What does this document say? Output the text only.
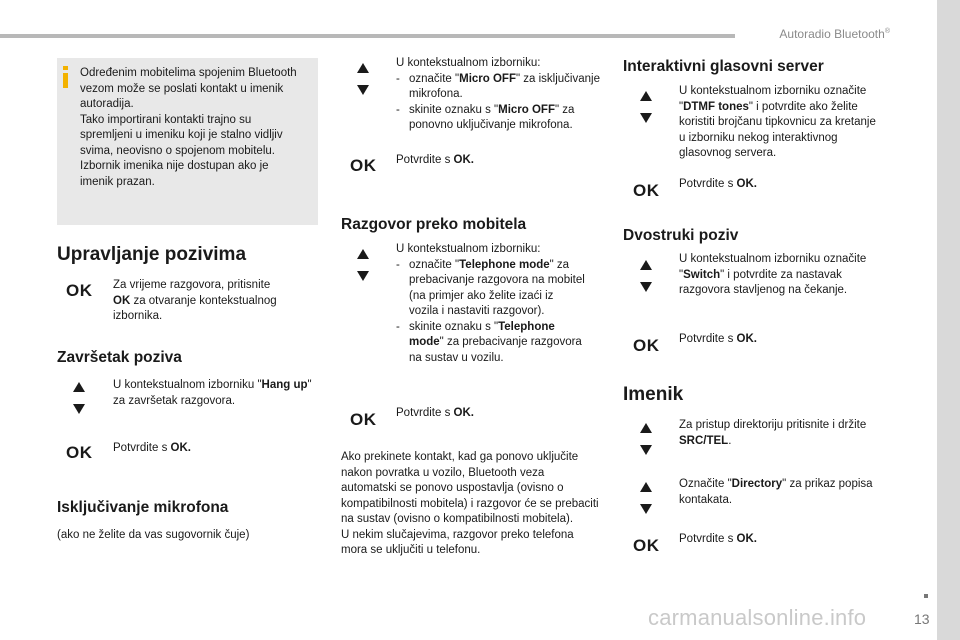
Autoradio Bluetooth®
Određenim mobitelima spojenim Bluetooth
vezom može se poslati kontakt u imenik
autoradija.
Tako importirani kontakti trajno su
spremljeni u imeniku koji je stalno vidljiv
svima, neovisno o spojenom mobitelu.
Izbornik imenika nije dostupan ako je
imenik prazan.
Upravljanje pozivima
OK Za vrijeme razgovora, pritisnite
OK za otvaranje kontekstualnog
izbornika.
Završetak poziva
U kontekstualnom izborniku "Hang up" za završetak razgovora.
OK Potvrdite s OK.
Isključivanje mikrofona
(ako ne želite da vas sugovornik čuje)
U kontekstualnom izborniku:
- označite "Micro OFF" za isključivanje mikrofona.
- skinite oznaku s "Micro OFF" za ponovno uključivanje mikrofona.
OK Potvrdite s OK.
Razgovor preko mobitela
U kontekstualnom izborniku:
- označite "Telephone mode" za prebacivanje razgovora na mobitel (na primjer ako želite izaći iz vozila i nastaviti razgovor).
- skinite oznaku s "Telephone mode" za prebacivanje razgovora na sustav u vozilu.
OK Potvrdite s OK.
Ako prekinete kontakt, kad ga ponovo uključite nakon povratka u vozilo, Bluetooth veza automatski se ponovo uspostavlja (ovisno o kompatibilnosti mobitela) i razgovor će se prebaciti na sustav (ovisno o kompatibilnosti mobitela).
U nekim slučajevima, razgovor preko telefona mora se uključiti u telefonu.
Interaktivni glasovni server
U kontekstualnom izborniku označite "DTMF tones" i potvrdite ako želite koristiti brojčanu tipkovnicu za kretanje u izborniku nekog interaktivnog glasovnog servera.
OK Potvrdite s OK.
Dvostruki poziv
U kontekstualnom izborniku označite "Switch" i potvrdite za nastavak razgovora stavljenog na čekanje.
OK Potvrdite s OK.
Imenik
Za pristup direktoriju pritisnite i držite SRC/TEL.
Označite "Directory" za prikaz popisa kontakata.
OK Potvrdite s OK.
carmanualsonline.info	13
